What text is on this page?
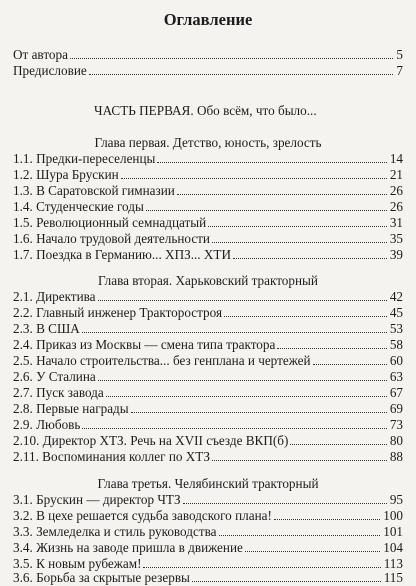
Оглавление
От автора	5
Предисловие	7
ЧАСТЬ ПЕРВАЯ. Обо всём, что было...
Глава первая. Детство, юность, зрелость
1.1. Предки-переселенцы	14
1.2. Шура Брускин	21
1.3. В Саратовской гимназии	26
1.4. Студенческие годы	26
1.5. Революционный семнадцатый	31
1.6. Начало трудовой деятельности	35
1.7. Поездка в Германию... ХПЗ... ХТИ	39
Глава вторая. Харьковский тракторный
2.1. Директива	42
2.2. Главный инженер Тракторостроя	45
2.3. В США	53
2.4. Приказ из Москвы — смена типа трактора	58
2.5. Начало строительства... без генплана и чертежей	60
2.6. У Сталина	63
2.7. Пуск завода	67
2.8. Первые награды	69
2.9. Любовь	73
2.10. Директор ХТЗ. Речь на XVII съезде ВКП(б)	80
2.11. Воспоминания коллег по ХТЗ	88
Глава третья. Челябинский тракторный
3.1. Брускин — директор ЧТЗ	95
3.2. В цехе решается судьба заводского плана!	100
3.3. Земледелка и стиль руководства	101
3.4. Жизнь на заводе пришла в движение	104
3.5. К новым рубежам!	113
3.6. Борьба за скрытые резервы	115
